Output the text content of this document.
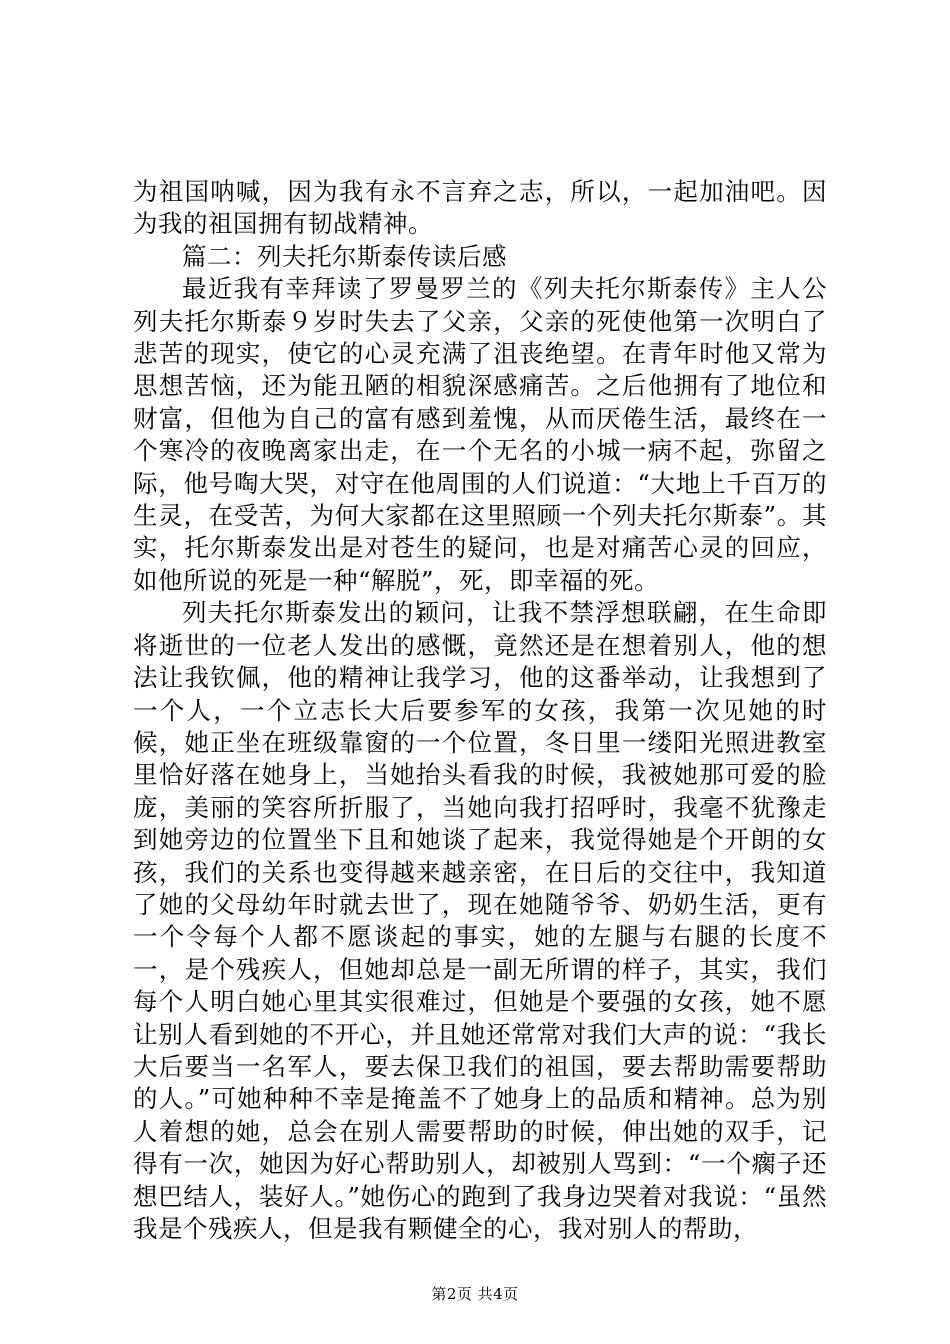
为祖国呐喊，因为我有永不言弃之志，所以，一起加油吧。因为我的祖国拥有韧战精神。

篇二：列夫托尔斯泰传读后感

最近我有幸拜读了罗曼罗兰的《列夫托尔斯泰传》主人公列夫托尔斯泰９岁时失去了父亲，父亲的死使他第一次明白了悲苦的现实，使它的心灵充满了沮丧绝望。在青年时他又常为思想苦恼，还为能丑陋的相貌深感痛苦。之后他拥有了地位和财富，但他为自己的富有感到羞愧，从而厌倦生活，最终在一个寒冷的夜晚离家出走，在一个无名的小城一病不起，弥留之际，他号啕大哭，对守在他周围的人们说道：“大地上千百万的生灵，在受苦，为何大家都在这里照顾一个列夫托尔斯泰”。其实，托尔斯泰发出是对苍生的疑问，也是对痛苦心灵的回应，如他所说的死是一种“解脱”，死，即幸福的死。

列夫托尔斯泰发出的颖问，让我不禁浮想联翩，在生命即将逝世的一位老人发出的感慨，竟然还是在想着别人，他的想法让我钦佩，他的精神让我学习，他的这番举动，让我想到了一个人，一个立志长大后要参军的女孩，我第一次见她的时候，她正坐在班级靠窗的一个位置，冬日里一缕阳光照进教室里恰好落在她身上，当她抬头看我的时候，我被她那可爱的脸庞，美丽的笑容所折服了，当她向我打招呼时，我毫不犹豫走到她旁边的位置坐下且和她谈了起来，我觉得她是个开朗的女孩，我们的关系也变得越来越亲密，在日后的交往中，我知道了她的父母幼年时就去世了，现在她随爷爷、奶奶生活，更有一个令每个人都不愿谈起的事实，她的左腿与右腿的长度不一，是个残疾人，但她却总是一副无所谓的样子，其实，我们每个人明白她心里其实很难过，但她是个要强的女孩，她不愿让别人看到她的不开心，并且她还常常对我们大声的说：“我长大后要当一名军人，要去保卫我们的祖国，要去帮助需要帮助的人。”可她种种不幸是掩盖不了她身上的品质和精神。总为别人着想的她，总会在别人需要帮助的时候，伸出她的双手，记得有一次，她因为好心帮助别人，却被别人骂到：“一个瘸子还想巴结人，装好人。”她伤心的跑到了我身边哭着对我说：“虽然我是个残疾人，但是我有颗健全的心，我对别人的帮助，

第2页 共4页
